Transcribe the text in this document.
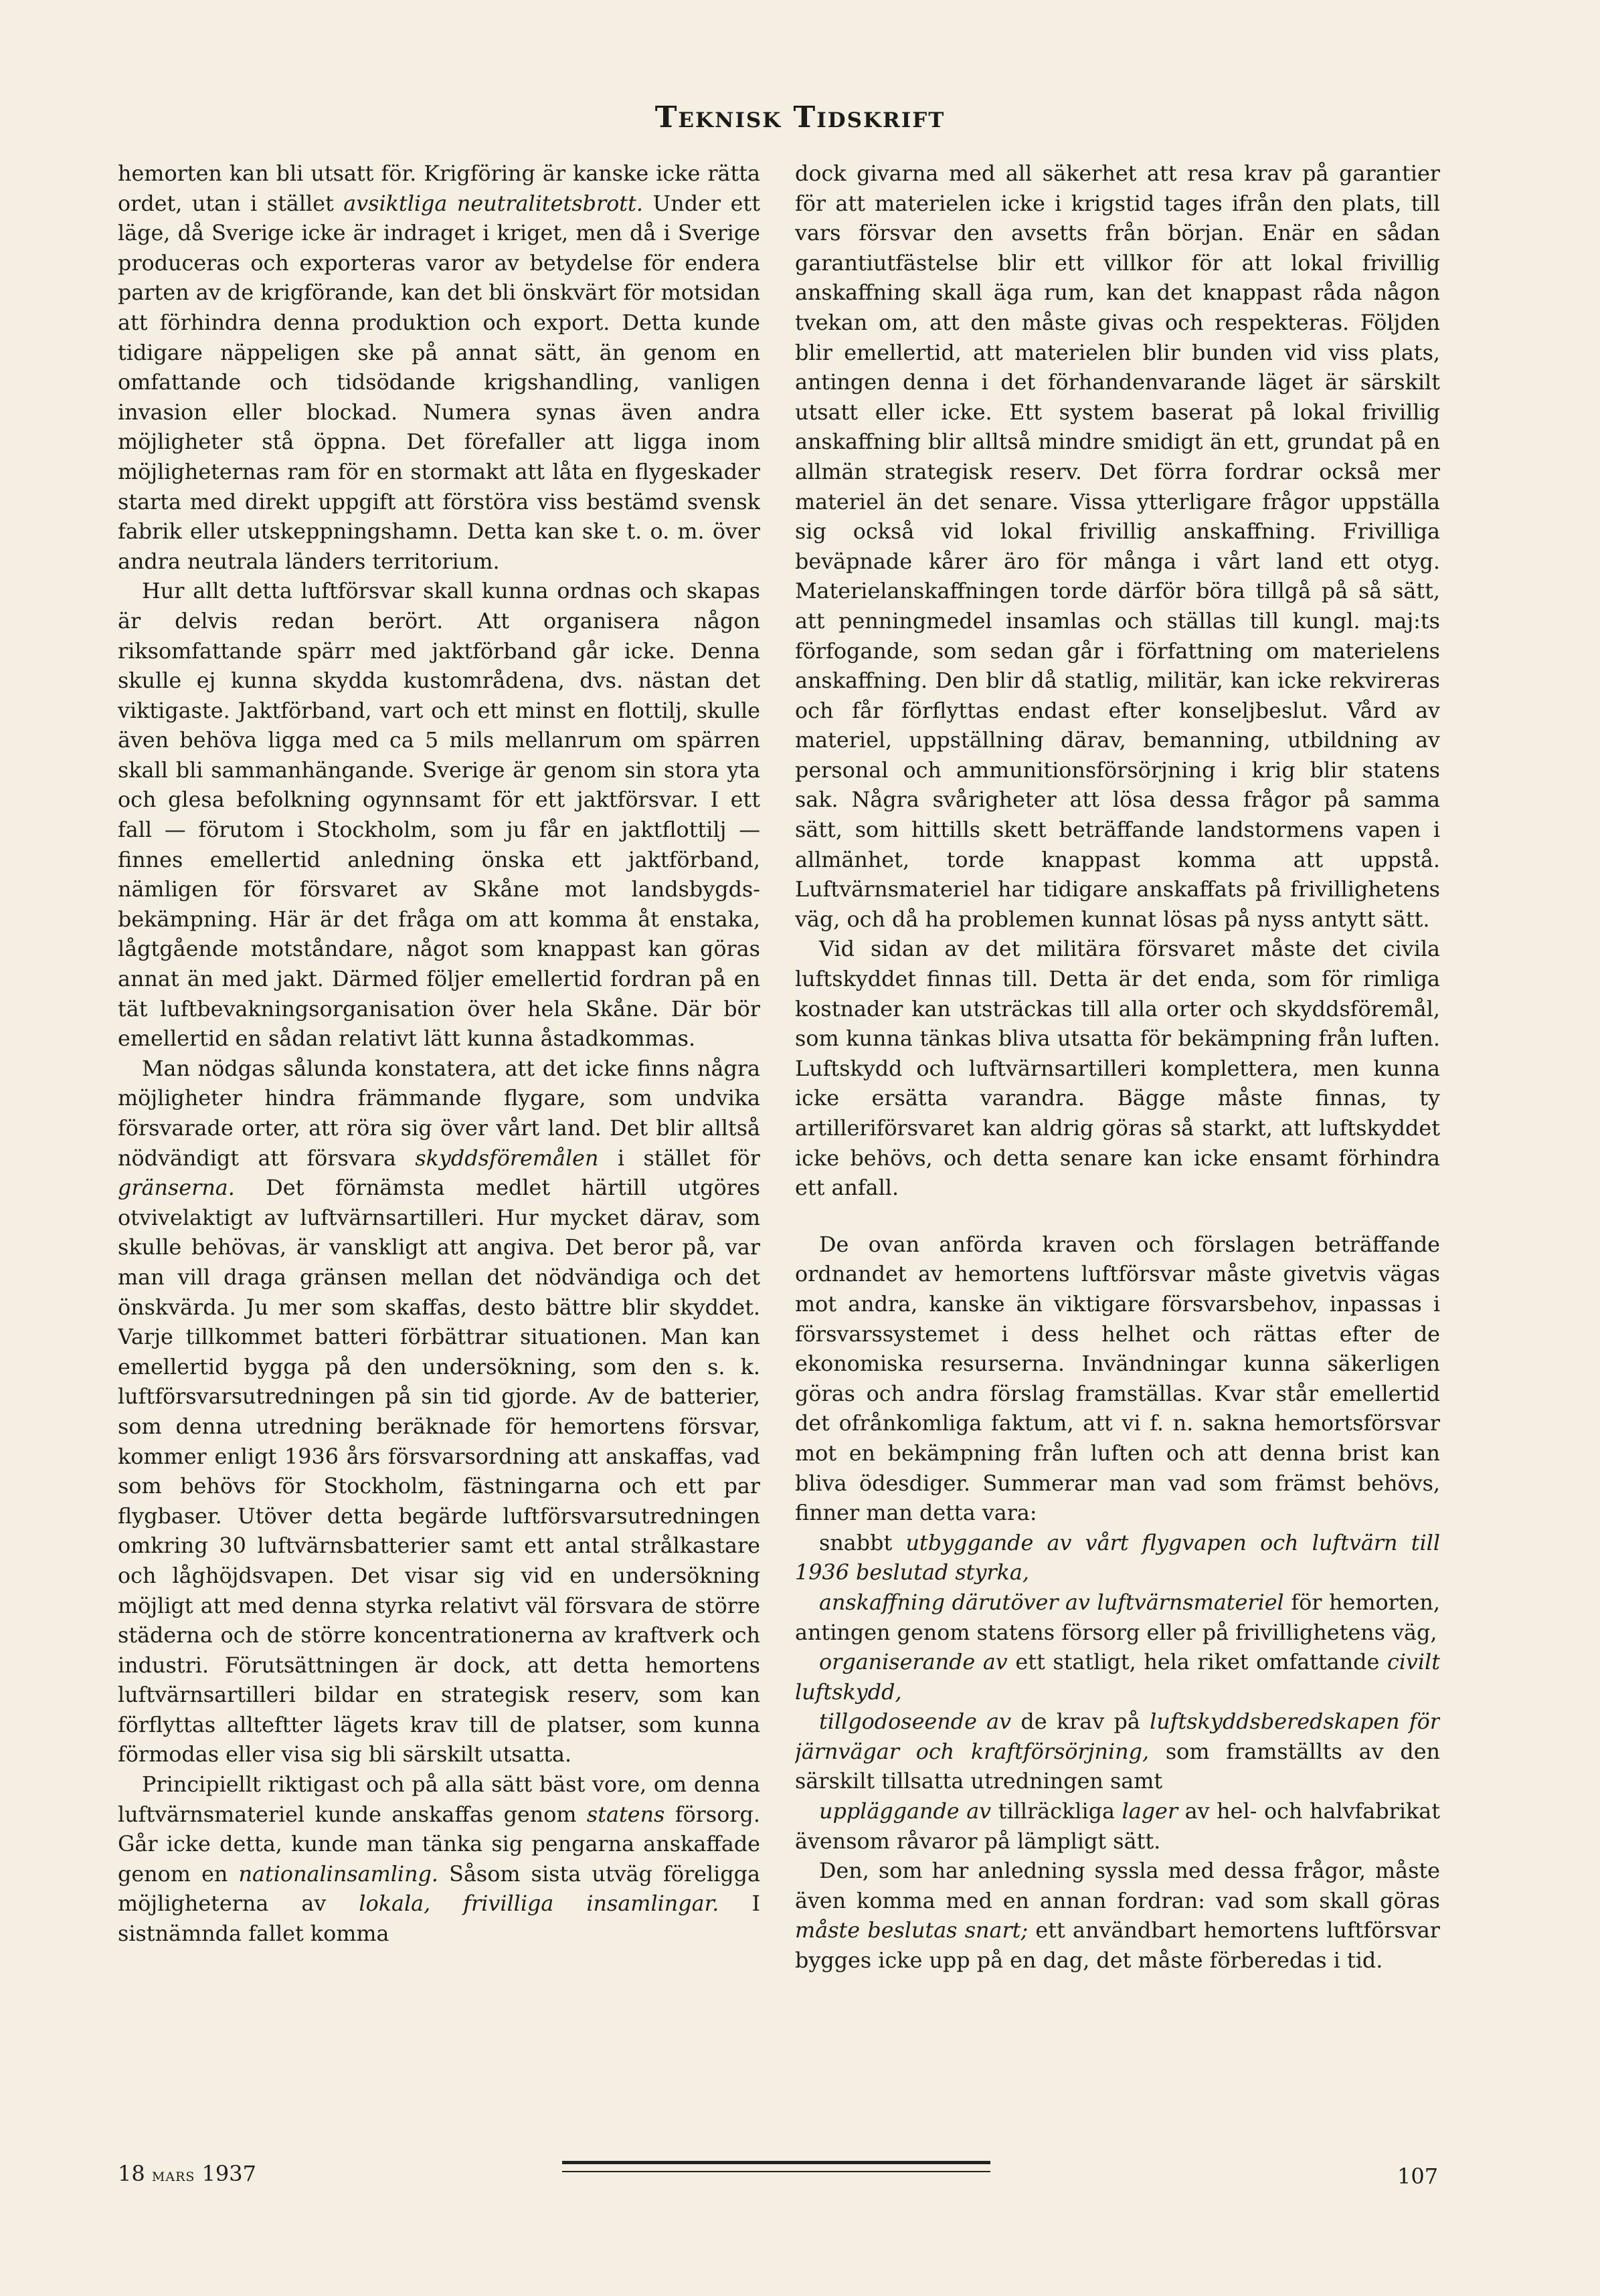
Teknisk Tidskrift

hemorten kan bli utsatt för. Krigföring är kanske icke rätta ordet, utan i stället avsiktliga neutralitetsbrott. Under ett läge, då Sverige icke är indraget i kriget, men då i Sverige produceras och exporteras varor av betydelse för endera parten av de krigförande, kan det bli önskvärt för motsidan att förhindra denna produktion och export. Detta kunde tidigare näppeligen ske på annat sätt, än genom en omfattande och tidsödande krigshandling, vanligen invasion eller blockad. Numera synas även andra möjligheter stå öppna. Det förefaller att ligga inom möjligheternas ram för en stormakt att låta en flygeskader starta med direkt uppgift att förstöra viss bestämd svensk fabrik eller utskeppningshamn. Detta kan ske t. o. m. över andra neutrala länders territorium.

Hur allt detta luftförsvar skall kunna ordnas och skapas är delvis redan berört. Att organisera någon riksomfattande spärr med jaktförband går icke. Denna skulle ej kunna skydda kustområdena, dvs. nästan det viktigaste. Jaktförband, vart och ett minst en flottilj, skulle även behöva ligga med ca 5 mils mellanrum om spärren skall bli sammanhängande. Sverige är genom sin stora yta och glesa befolkning ogynnsamt för ett jaktförsvar. I ett fall — förutom i Stockholm, som ju får en jaktflottilj — finnes emellertid anledning önska ett jaktförband, nämligen för försvaret av Skåne mot landsbygdsbekämpning. Här är det fråga om att komma åt enstaka, lågtgående motståndare, något som knappast kan göras annat än med jakt. Därmed följer emellertid fordran på en tät luftbevakningsorganisation över hela Skåne. Där bör emellertid en sådan relativt lätt kunna åstadkommas.

Man nödgas sålunda konstatera, att det icke finns några möjligheter hindra främmande flygare, som undvika försvarade orter, att röra sig över vårt land. Det blir alltså nödvändigt att försvara skyddsföremålen i stället för gränserna. Det förnämsta medlet härtill utgöres otvivelaktigt av luftvärnsartilleri. Hur mycket därav, som skulle behövas, är vanskligt att angiva. Det beror på, var man vill draga gränsen mellan det nödvändiga och det önskvärda. Ju mer som skaffas, desto bättre blir skyddet. Varje tillkommet batteri förbättrar situationen. Man kan emellertid bygga på den undersökning, som den s. k. luftförsvarsutredningen på sin tid gjorde. Av de batterier, som denna utredning beräknade för hemortens försvar, kommer enligt 1936 års försvarsordning att anskaffas, vad som behövs för Stockholm, fästningarna och ett par flygbaser. Utöver detta begärde luftförsvarsutredningen omkring 30 luftvärnsbatterier samt ett antal strålkastare och låghöjdsvapen. Det visar sig vid en undersökning möjligt att med denna styrka relativt väl försvara de större städerna och de större koncentrationerna av kraftverk och industri. Förutsättningen är dock, att detta hemortens luftvärnsartilleri bildar en strategisk reserv, som kan förflyttas allteftter lägets krav till de platser, som kunna förmodas eller visa sig bli särskilt utsatta.

Principiellt riktigast och på alla sätt bäst vore, om denna luftvärnsmateriel kunde anskaffas genom statens försorg. Går icke detta, kunde man tänka sig pengarna anskaffade genom en nationalinsamling. Såsom sista utväg föreliggа möjligheterna av lokala, frivilliga insamlingar. I sistnämnda fallet komma

dock givarna med all säkerhet att resa krav på garantier för att materielen icke i krigstid tages ifrån den plats, till vars försvar den avsetts från början. Enär en sådan garantiutfästelse blir ett villkor för att lokal frivillig anskaffning skall äga rum, kan det knappast råda någon tvekan om, att den måste givas och respekteras. Följden blir emellertid, att materielen blir bunden vid viss plats, antingen denna i det förhandenvarande läget är särskilt utsatt eller icke. Ett system baserat på lokal frivillig anskaffning blir alltså mindre smidigt än ett, grundat på en allmän strategisk reserv. Det förra fordrar också mer materiel än det senare. Vissa ytterligare frågor uppställa sig också vid lokal frivillig anskaffning. Frivilliga beväpnade kårer äro för många i vårt land ett otyg. Materielanskaffningen torde därför böra tillgå på så sätt, att penningmedel insamlas och ställas till kungl. maj:ts förfogande, som sedan går i författning om materielens anskaffning. Den blir då statlig, militär, kan icke rekvireras och får förflyttas endast efter konseljbeslut. Vård av materiel, uppställning därav, bemanning, utbildning av personal och ammunitionsförsörjning i krig blir statens sak. Några svårigheter att lösa dessa frågor på samma sätt, som hittills skett beträffande landstormens vapen i allmänhet, torde knappast komma att uppstå. Luftvärnsmateriel har tidigare anskaffats på frivillighetens väg, och då ha problemen kunnat lösas på nyss antytt sätt.

Vid sidan av det militära försvaret måste det civila luftskyddet finnas till. Detta är det enda, som för rimliga kostnader kan utsträckas till alla orter och skyddsföremål, som kunna tänkas bliva utsatta för bekämpning från luften. Luftskydd och luftvärnsartilleri komplettera, men kunna icke ersätta varandra. Bägge måste finnas, ty artilleriförsvaret kan aldrig göras så starkt, att luftskyddet icke behövs, och detta senare kan icke ensamt förhindra ett anfall.

De ovan anförda kraven och förslagen beträffande ordnandet av hemortens luftförsvar måste givetvis vägas mot andra, kanske än viktigare försvarsbehov, inpassas i försvarssystemet i dess helhet och rättas efter de ekonomiska resurserna. Invändningar kunna säkerligen göras och andra förslag framställas. Kvar står emellertid det ofrånkomliga faktum, att vi f. n. sakna hemortsförsvar mot en bekämpning från luften och att denna brist kan bliva ödesdiger. Summerar man vad som främst behövs, finner man detta vara:

snabbt utbyggande av vårt flygvapen och luftvärn till 1936 beslutad styrka,

anskaffning därutöver av luftvärnsmateriel för hemorten, antingen genom statens försorg eller på frivillighetens väg,

organiserande av ett statligt, hela riket omfattande civilt luftskydd,

tillgodoseende av de krav på luftskyddsberedskapen för järnvägar och kraftförsörjning, som framställts av den särskilt tillsatta utredningen samt

uppläggande av tillräckliga lager av hel- och halvfabrikat ävensom råvaror på lämpligt sätt.

Den, som har anledning syssla med dessa frågor, måste även komma med en annan fordran: vad som skall göras måste beslutas snart; ett användbart hemortens luftförsvar bygges icke upp på en dag, det måste förberedas i tid.

18 mars 1937	107
